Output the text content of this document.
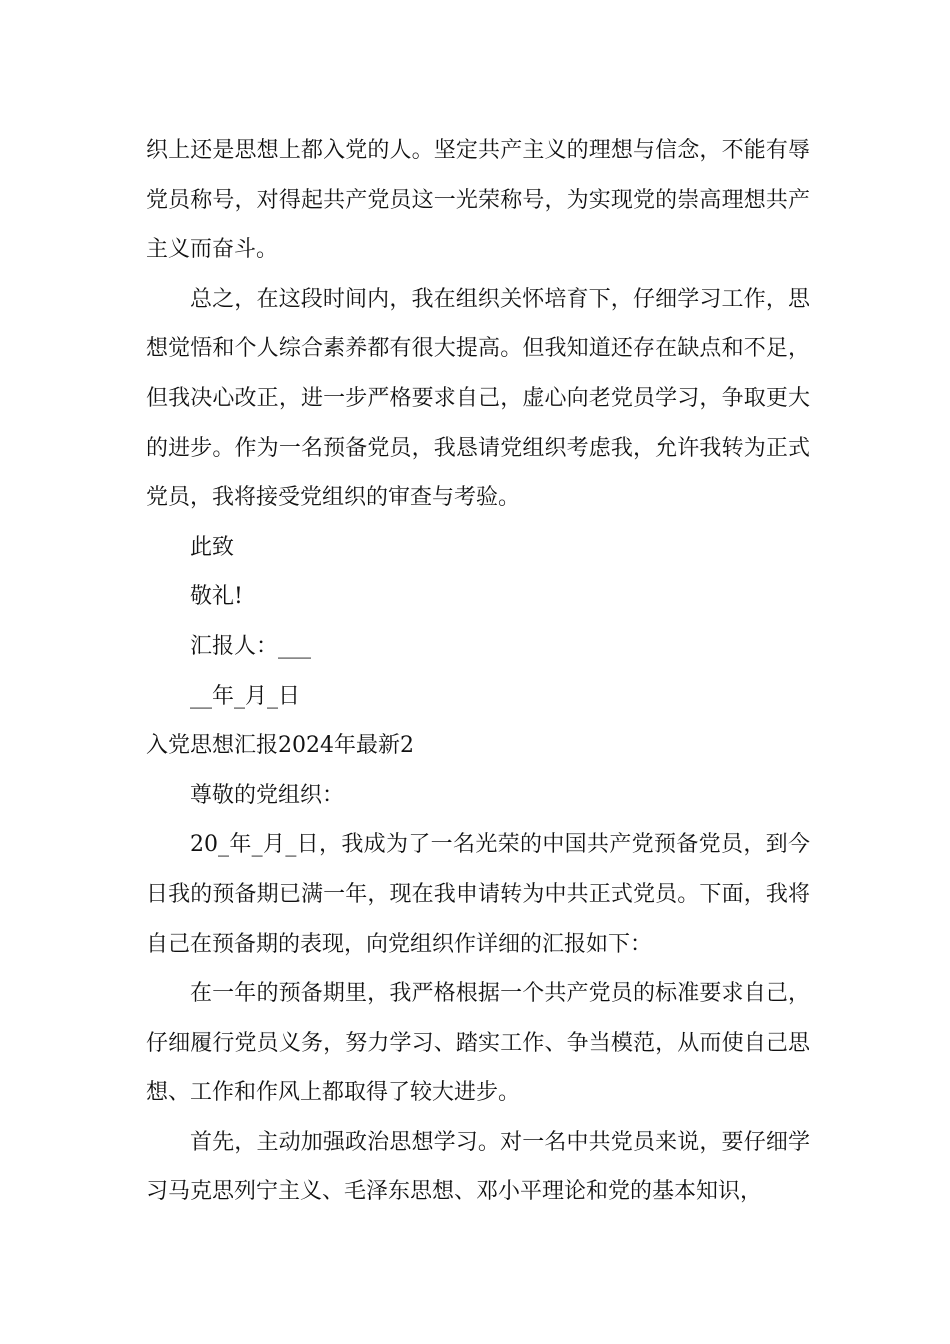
织上还是思想上都入党的人。坚定共产主义的理想与信念，不能有辱党员称号，对得起共产党员这一光荣称号，为实现党的崇高理想共产主义而奋斗。

总之，在这段时间内，我在组织关怀培育下，仔细学习工作，思想觉悟和个人综合素养都有很大提高。但我知道还存在缺点和不足，但我决心改正，进一步严格要求自己，虚心向老党员学习，争取更大的进步。作为一名预备党员，我恳请党组织考虑我，允许我转为正式党员，我将接受党组织的审查与考验。

此致

敬礼!

汇报人：___

__年_月_日

入党思想汇报2024年最新2

尊敬的党组织：

20_年_月_日，我成为了一名光荣的中国共产党预备党员，到今日我的预备期已满一年，现在我申请转为中共正式党员。下面，我将自己在预备期的表现，向党组织作详细的汇报如下：

在一年的预备期里，我严格根据一个共产党员的标准要求自己，仔细履行党员义务，努力学习、踏实工作、争当模范，从而使自己思想、工作和作风上都取得了较大进步。

首先，主动加强政治思想学习。对一名中共党员来说，要仔细学习马克思列宁主义、毛泽东思想、邓小平理论和党的基本知识，
